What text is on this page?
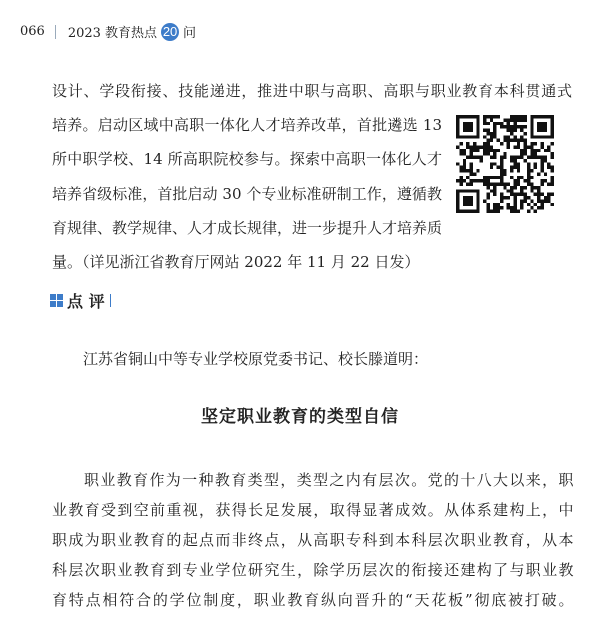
066 2023 教育热点 20 问
设计、学段衔接、技能递进，推进中职与高职、高职与职业教育本科贯通式
培养。启动区域中高职一体化人才培养改革，首批遴选 13
所中职学校、14 所高职院校参与。探索中高职一体化人才
培养省级标准，首批启动 30 个专业标准研制工作，遵循教
育规律、教学规律、人才成长规律，进一步提升人才培养质
量。（详见浙江省教育厅网站 2022 年 11 月 22 日发）
点 评
江苏省铜山中等专业学校原党委书记、校长滕道明：
坚定职业教育的类型自信
职业教育作为一种教育类型，类型之内有层次。党的十八大以来，职
业教育受到空前重视，获得长足发展，取得显著成效。从体系建构上，中
职成为职业教育的起点而非终点，从高职专科到本科层次职业教育，从本
科层次职业教育到专业学位研究生，除学历层次的衔接还建构了与职业教
育特点相符合的学位制度，职业教育纵向晋升的“天花板”彻底被打破。
